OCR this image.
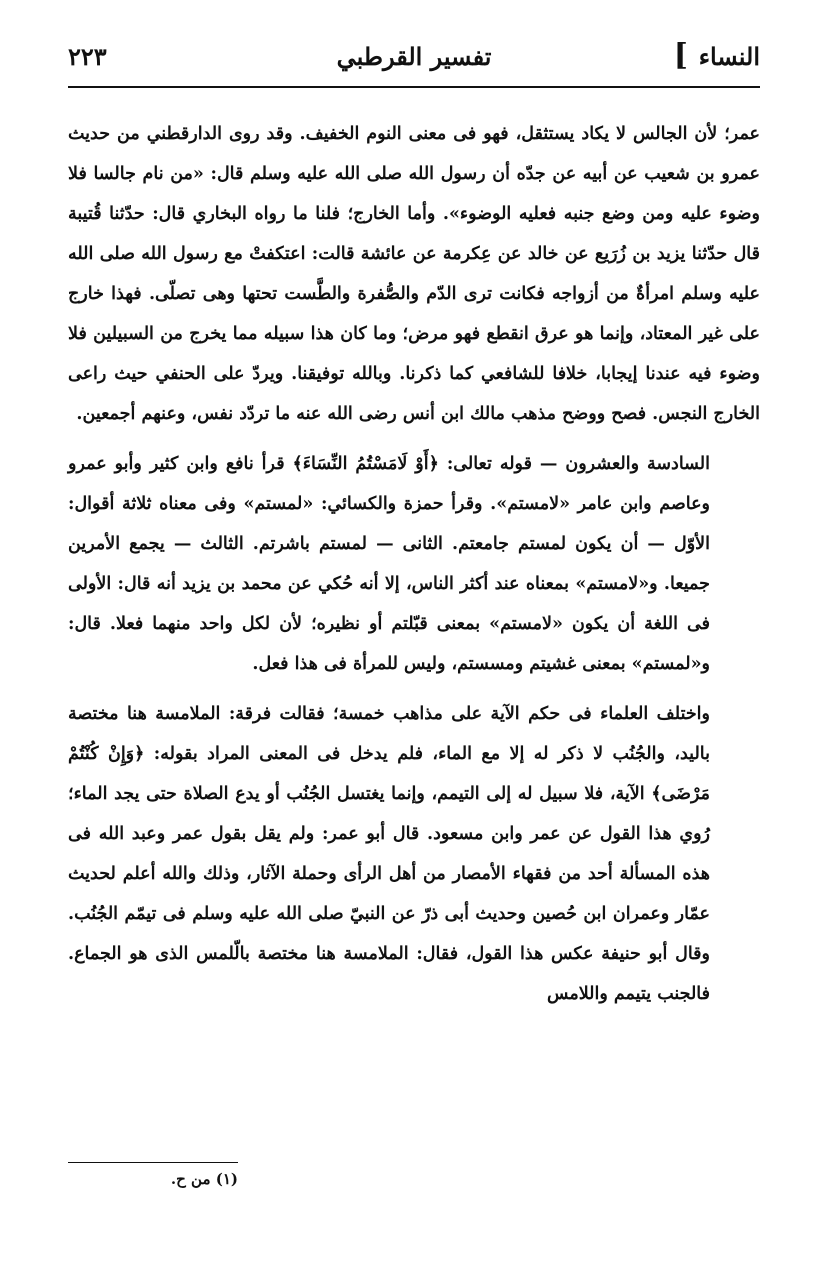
النساء
]
تفسير القرطبي
٢٢٣

عمر؛ لأن الجالس لا يكاد يستثقل، فهو فى معنى النوم الخفيف. وقد روى الدارقطني من حديث عمرو بن شعيب عن أبيه عن جدّه أن رسول الله صلى الله عليه وسلم قال: «من نام جالسا فلا وضوء عليه ومن وضع جنبه فعليه الوضوء». وأما الخارج؛ فلنا ما رواه البخاري قال: حدّثنا قُتيبة قال حدّثنا يزيد بن زُرَيع عن خالد عن عِكرمة عن عائشة قالت: اعتكفتْ مع رسول الله صلى الله عليه وسلم امرأةٌ من أزواجه فكانت ترى الدّم والصُّفرة والطَّست تحتها وهى تصلّى. فهذا خارج على غير المعتاد، وإنما هو عرق انقطع فهو مرض؛ وما كان هذا سبيله مما يخرج من السبيلين فلا وضوء فيه عندنا إيجابا، خلافا للشافعي كما ذكرنا. وبالله توفيقنا. ويردّ على الحنفي حيث راعى الخارج النجس. فصح ووضح مذهب مالك ابن أنس رضى الله عنه ما تردّد نفس، وعنهم أجمعين.

السادسة والعشرون — قوله تعالى: ﴿أَوْ لَامَسْتُمُ النِّسَاءَ﴾ قرأ نافع وابن كثير وأبو عمرو وعاصم وابن عامر «لامستم». وقرأ حمزة والكسائي: «لمستم» وفى معناه ثلاثة أقوال: الأوّل — أن يكون لمستم جامعتم. الثانى — لمستم باشرتم. الثالث — يجمع الأمرين جميعا. و«لامستم» بمعناه عند أكثر الناس، إلا أنه حُكي عن محمد بن يزيد أنه قال: الأولى فى اللغة أن يكون «لامستم» بمعنى قبّلتم أو نظيره؛ لأن لكل واحد منهما فعلا. قال: و«لمستم» بمعنى غشيتم ومسستم، وليس للمرأة فى هذا فعل.

واختلف العلماء فى حكم الآية على مذاهب خمسة؛ فقالت فرقة: الملامسة هنا مختصة باليد، والجُنُب لا ذكر له إلا مع الماء، فلم يدخل فى المعنى المراد بقوله: ﴿وَإِنْ كُنْتُمْ مَرْضَى﴾ الآية، فلا سبيل له إلى التيمم، وإنما يغتسل الجُنُب أو يدع الصلاة حتى يجد الماء؛ رُوي هذا القول عن عمر وابن مسعود. قال أبو عمر: ولم يقل بقول عمر وعبد الله فى هذه المسألة أحد من فقهاء الأمصار من أهل الرأى وحملة الآثار، وذلك والله أعلم لحديث عمّار وعمران ابن حُصين وحديث أبى ذرّ عن النبيّ صلى الله عليه وسلم فى تيمّم الجُنُب. وقال أبو حنيفة عكس هذا القول، فقال: الملامسة هنا مختصة بالّلمس الذى هو الجماع. فالجنب يتيمم واللامس

(١) من ح.
